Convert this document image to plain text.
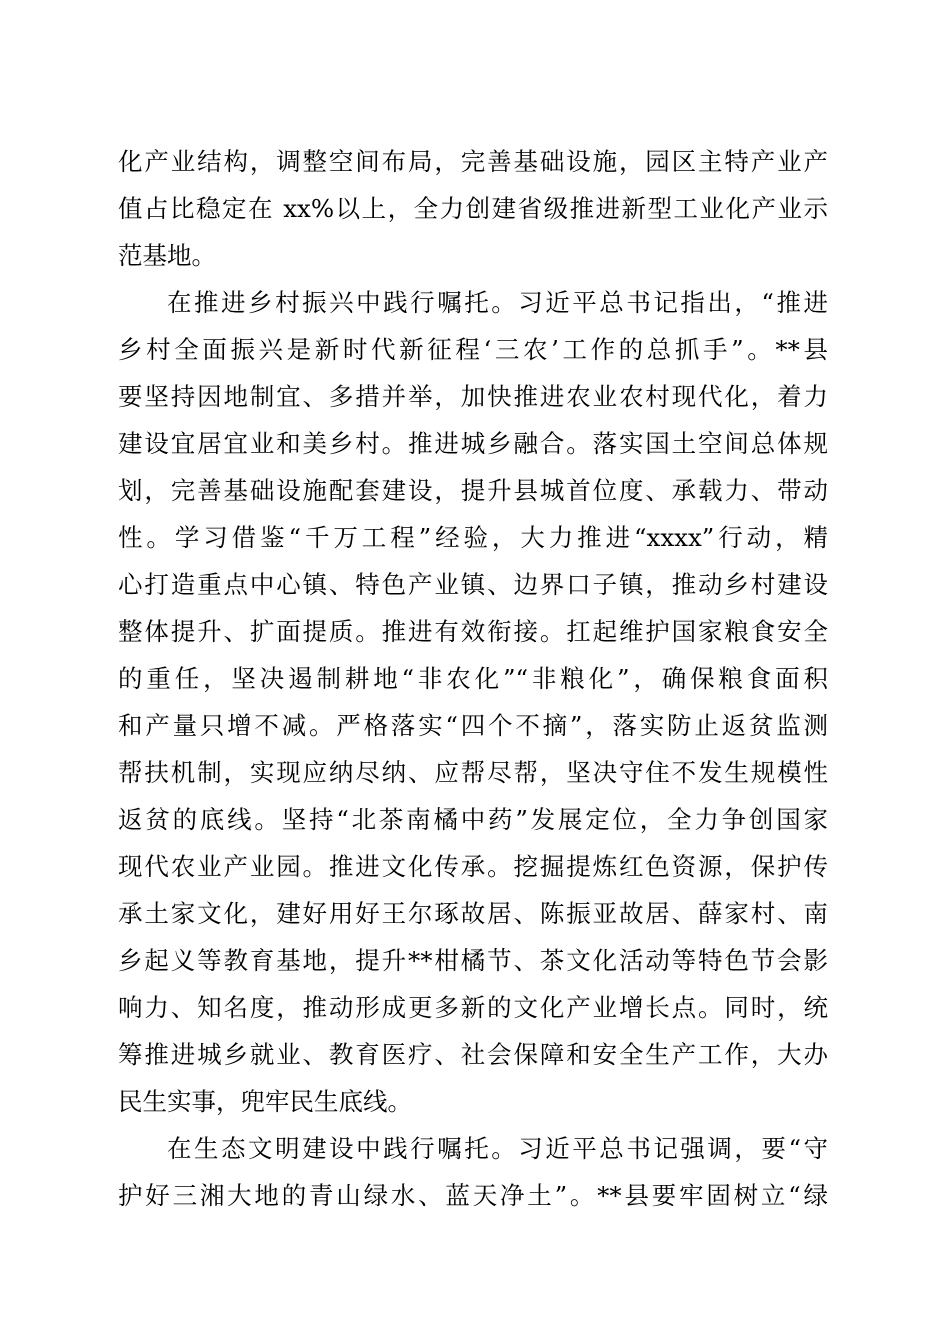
化产业结构，调整空间布局，完善基础设施，园区主特产业产
值占比稳定在 xx%以上，全力创建省级推进新型工业化产业示
范基地。

在推进乡村振兴中践行嘱托。习近平总书记指出，“推进
乡村全面振兴是新时代新征程‘三农’工作的总抓手”。**县
要坚持因地制宜、多措并举，加快推进农业农村现代化，着力
建设宜居宜业和美乡村。推进城乡融合。落实国土空间总体规
划，完善基础设施配套建设，提升县城首位度、承载力、带动
性。学习借鉴“千万工程”经验，大力推进“xxxx”行动，精
心打造重点中心镇、特色产业镇、边界口子镇，推动乡村建设
整体提升、扩面提质。推进有效衔接。扛起维护国家粮食安全
的重任，坚决遏制耕地“非农化”“非粮化”，确保粮食面积
和产量只增不减。严格落实“四个不摘”，落实防止返贫监测
帮扶机制，实现应纳尽纳、应帮尽帮，坚决守住不发生规模性
返贫的底线。坚持“北茶南橘中药”发展定位，全力争创国家
现代农业产业园。推进文化传承。挖掘提炼红色资源，保护传
承土家文化，建好用好王尔琢故居、陈振亚故居、薛家村、南
乡起义等教育基地，提升**柑橘节、茶文化活动等特色节会影
响力、知名度，推动形成更多新的文化产业增长点。同时，统
筹推进城乡就业、教育医疗、社会保障和安全生产工作，大办
民生实事，兜牢民生底线。

在生态文明建设中践行嘱托。习近平总书记强调，要“守
护好三湘大地的青山绿水、蓝天净土”。**县要牢固树立“绿
